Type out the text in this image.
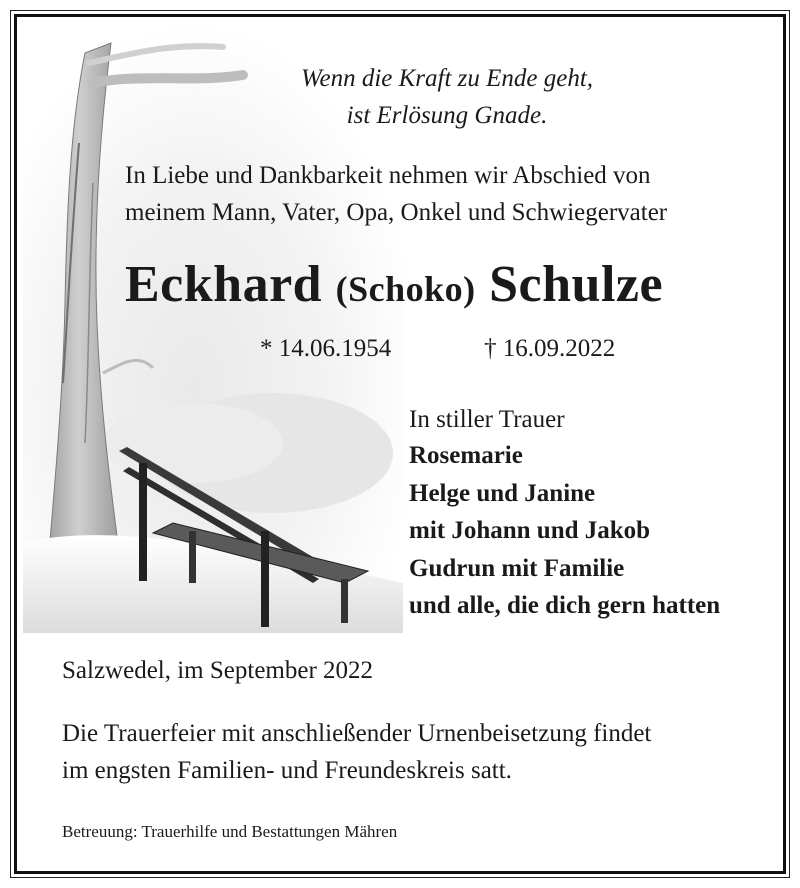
Wenn die Kraft zu Ende geht,

ist Erlösung Gnade.

In Liebe und Dankbarkeit nehmen wir Abschied von

meinem Mann, Vater, Opa, Onkel und Schwiegervater

Eckhard (Schoko) Schulze

* 14.06.1954	† 16.09.2022

In stiller Trauer

Rosemarie

Helge und Janine

mit Johann und Jakob

Gudrun mit Familie

und alle, die dich gern hatten

Salzwedel, im September 2022

Die Trauerfeier mit anschließender Urnenbeisetzung findet

im engsten Familien- und Freundeskreis satt.

Betreuung: Trauerhilfe und Bestattungen Mähren
